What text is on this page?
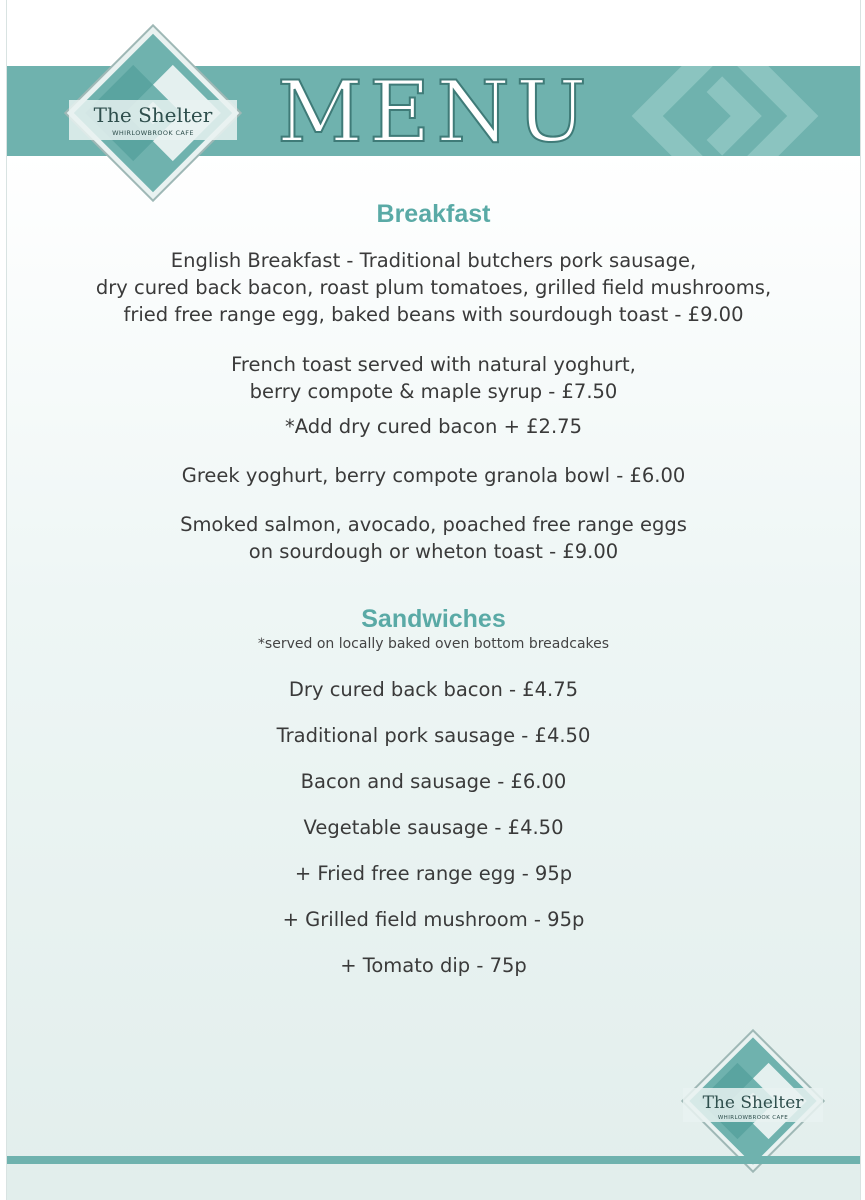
MENU
The Shelter
WHIRLOWBROOK CAFE
Breakfast
English Breakfast - Traditional butchers pork sausage,
dry cured back bacon, roast plum tomatoes, grilled field mushrooms,
fried free range egg, baked beans with sourdough toast - £9.00
French toast served with natural yoghurt,
berry compote & maple syrup - £7.50
*Add dry cured bacon + £2.75
Greek yoghurt, berry compote granola bowl - £6.00
Smoked salmon, avocado, poached free range eggs
on sourdough or wheton toast - £9.00
Sandwiches
*served on locally baked oven bottom breadcakes
Dry cured back bacon - £4.75
Traditional pork sausage - £4.50
Bacon and sausage - £6.00
Vegetable sausage - £4.50
+ Fried free range egg - 95p
+ Grilled field mushroom - 95p
+ Tomato dip - 75p
The Shelter
WHIRLOWBROOK CAFE
